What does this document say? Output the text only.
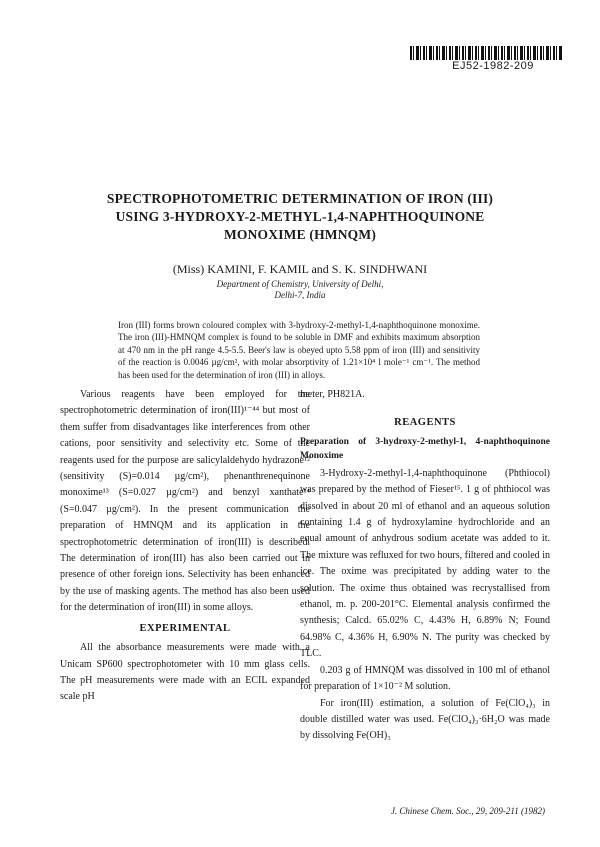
EJ52-1982-209
SPECTROPHOTOMETRIC DETERMINATION OF IRON (III)
USING 3-HYDROXY-2-METHYL-1,4-NAPHTHOQUINONE
MONOXIME (HMNQM)
(Miss) KAMINI, F. KAMIL and S. K. SINDHWANI
Department of Chemistry, University of Delhi,
Delhi-7, India

Iron (III) forms brown coloured complex with 3-hydroxy-2-methyl-1,4-naphthoquinone monoxime. The iron (III)-HMNQM complex is found to be soluble in DMF and exhibits maximum absorption at 470 nm in the pH range 4.5-5.5. Beer's law is obeyed upto 5.58 ppm of iron (III) and sensitivity of the reaction is 0.0046 µg/cm², with molar absorptivity of 1.21×10⁴ l mole⁻¹ cm⁻¹. The method has been used for the determination of iron (III) in alloys.

Various reagents have been employed for the spectrophotometric determination of iron(III)¹⁻⁴⁴ but most of them suffer from disadvantages like interferences from other cations, poor sensitivity and selectivity etc. Some of the reagents used for the purpose are salicylaldehydo hydrazone¹² (sensitivity (S)=0.014 µg/cm²), phenanthrenequinone monoxime¹³ (S=0.027 µg/cm²) and benzyl xanthate¹⁴ (S=0.047 µg/cm²). In the present communication the preparation of HMNQM and its application in the spectrophotometric determination of iron(III) is described. The determination of iron(III) has also been carried out in presence of other foreign ions. Selectivity has been enhanced by the use of masking agents. The method has also been used for the determination of iron(III) in some alloys.

EXPERIMENTAL

All the absorbance measurements were made with a Unicam SP600 spectrophotometer with 10 mm glass cells. The pH measurements were made with an ECIL expanded scale pH

meter, PH821A.

REAGENTS
Preparation of 3-hydroxy-2-methyl-1, 4-naphthoquinone Monoxime

3-Hydroxy-2-methyl-1,4-naphthoquinone (Phthiocol) was prepared by the method of Fieser¹⁵. 1 g of phthiocol was dissolved in about 20 ml of ethanol and an aqueous solution containing 1.4 g of hydroxylamine hydrochloride and an equal amount of anhydrous sodium acetate was added to it. The mixture was refluxed for two hours, filtered and cooled in ice. The oxime was precipitated by adding water to the solution. The oxime thus obtained was recrystallised from ethanol, m. p. 200-201°C. Elemental analysis confirmed the synthesis; Calcd. 65.02% C, 4.43% H, 6.89% N; Found 64.98% C, 4.36% H, 6.90% N. The purity was checked by TLC.

0.203 g of HMNQM was dissolved in 100 ml of ethanol for preparation of 1×10⁻² M solution.

For iron(III) estimation, a solution of Fe(ClO₄)₃ in double distilled water was used. Fe(ClO₄)₃·6H₂O was made by dissolving Fe(OH)₃

J. Chinese Chem. Soc., 29, 209-211 (1982)
